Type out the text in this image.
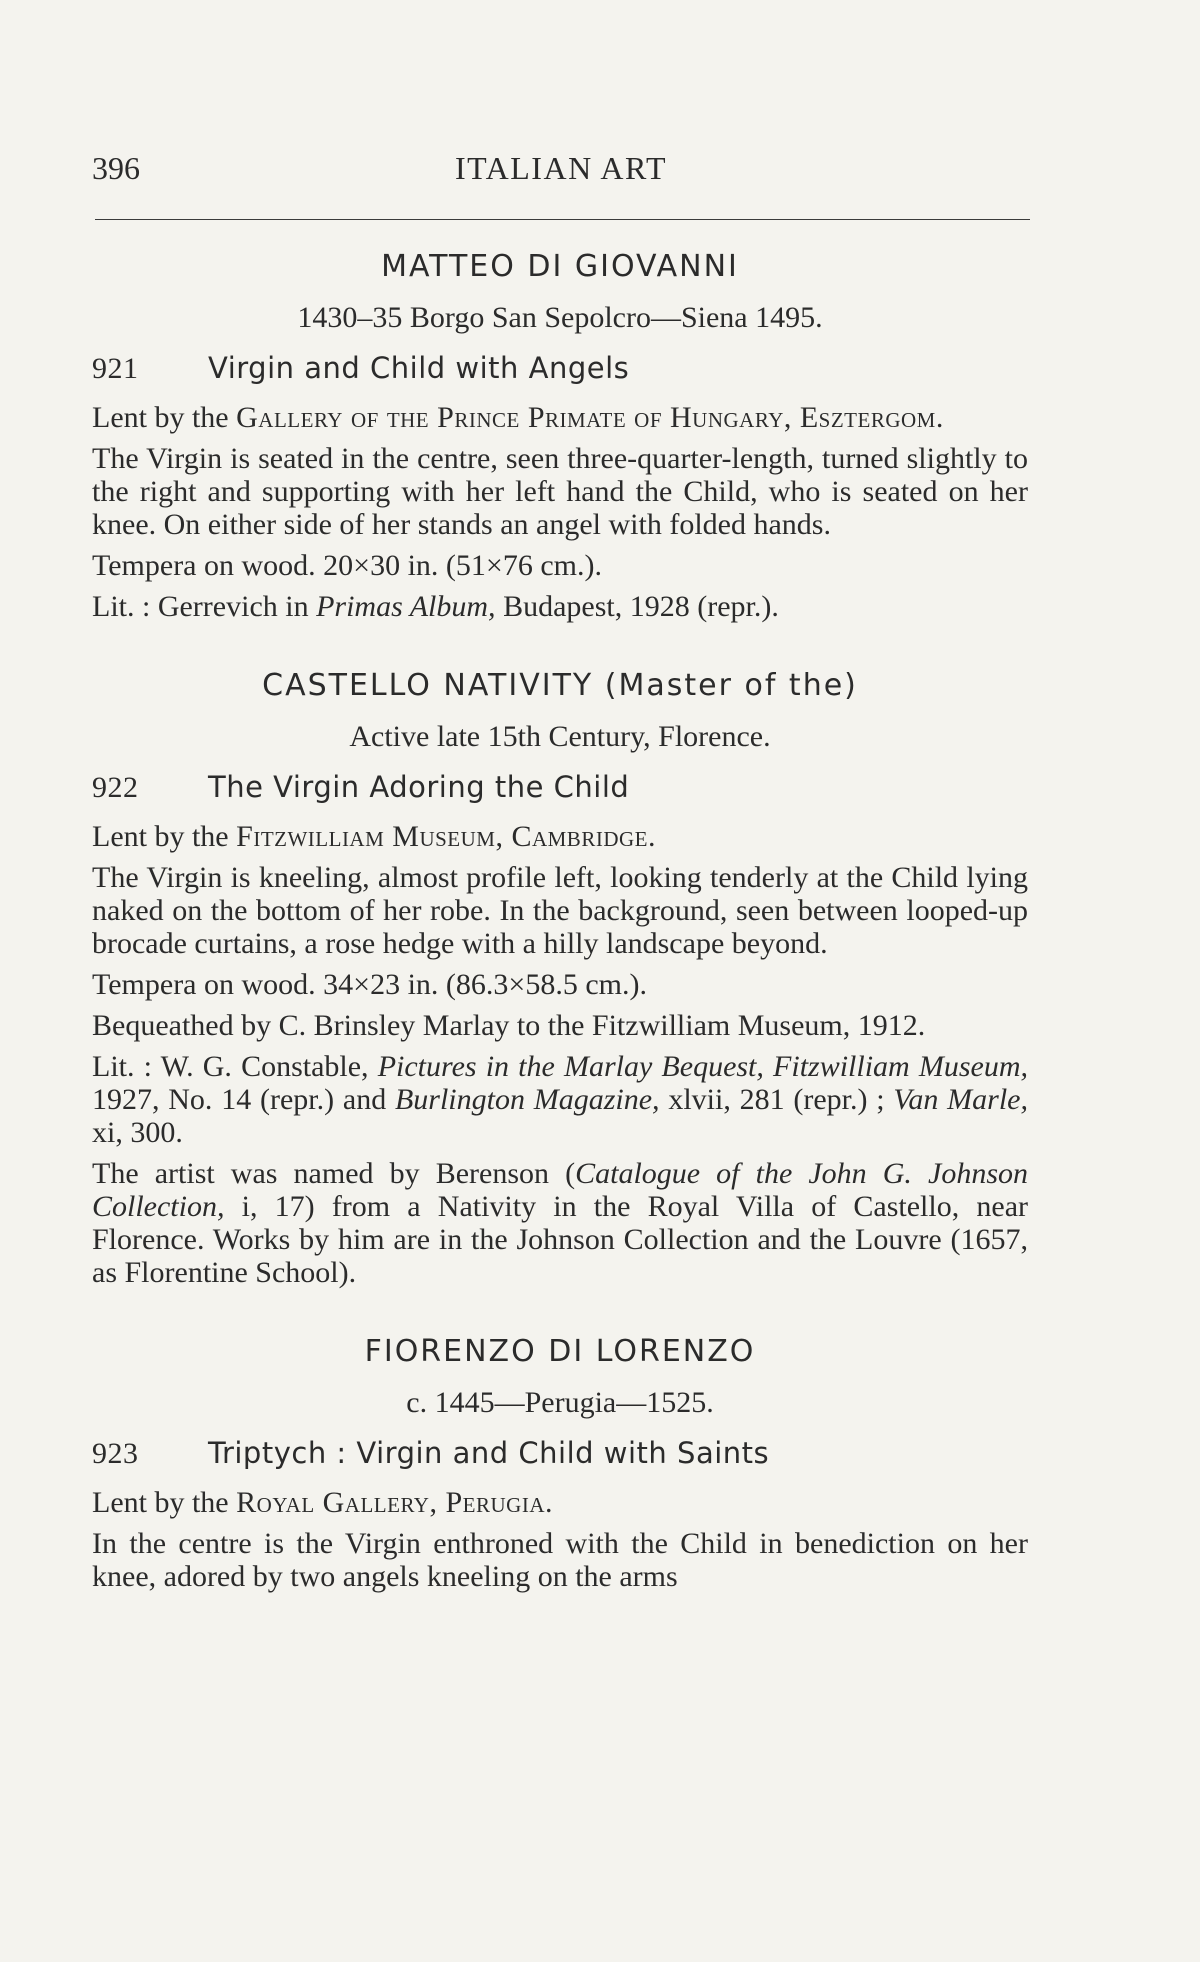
396	ITALIAN ART
MATTEO DI GIOVANNI
1430–35 Borgo San Sepolcro—Siena 1495.
921	Virgin and Child with Angels

Lent by the Gallery of the Prince Primate of Hungary, Esztergom.

The Virgin is seated in the centre, seen three-quarter-length, turned slightly to the right and supporting with her left hand the Child, who is seated on her knee. On either side of her stands an angel with folded hands.

Tempera on wood. 20×30 in. (51×76 cm.).

Lit. : Gerrevich in Primas Album, Budapest, 1928 (repr.).

CASTELLO NATIVITY (Master of the)
Active late 15th Century, Florence.
922	The Virgin Adoring the Child

Lent by the Fitzwilliam Museum, Cambridge.

The Virgin is kneeling, almost profile left, looking tenderly at the Child lying naked on the bottom of her robe. In the background, seen between looped-up brocade curtains, a rose hedge with a hilly landscape beyond.

Tempera on wood. 34×23 in. (86.3×58.5 cm.).

Bequeathed by C. Brinsley Marlay to the Fitzwilliam Museum, 1912.

Lit. : W. G. Constable, Pictures in the Marlay Bequest, Fitzwilliam Museum, 1927, No. 14 (repr.) and Burlington Magazine, xlvii, 281 (repr.) ; Van Marle, xi, 300.

The artist was named by Berenson (Catalogue of the John G. Johnson Collection, i, 17) from a Nativity in the Royal Villa of Castello, near Florence. Works by him are in the Johnson Collection and the Louvre (1657, as Florentine School).

FIORENZO DI LORENZO
c. 1445—Perugia—1525.
923	Triptych : Virgin and Child with Saints

Lent by the Royal Gallery, Perugia.

In the centre is the Virgin enthroned with the Child in benediction on her knee, adored by two angels kneeling on the arms
